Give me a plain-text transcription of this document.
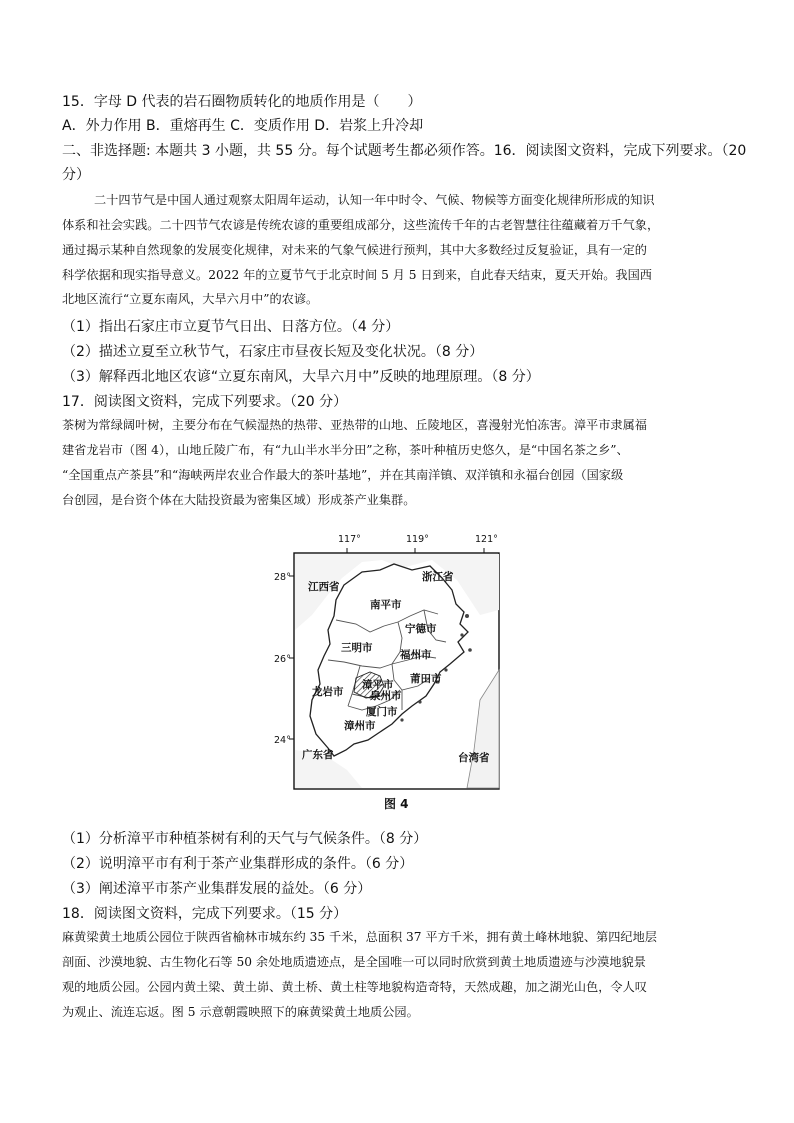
15．字母 D 代表的岩石圈物质转化的地质作用是（　　）
A．外力作用 B．重熔再生 C．变质作用 D．岩浆上升冷却
二、非选择题: 本题共 3 小题，共 55 分。每个试题考生都必须作答。16．阅读图文资料，完成下列要求。（20
分）
二十四节气是中国人通过观察太阳周年运动，认知一年中时令、气候、物候等方面变化规律所形成的知识
体系和社会实践。二十四节气农谚是传统农谚的重要组成部分，这些流传千年的古老智慧往往蕴藏着万千气象，
通过揭示某种自然现象的发展变化规律，对未来的气象气候进行预判，其中大多数经过反复验证，具有一定的
科学依据和现实指导意义。2022 年的立夏节气于北京时间 5 月 5 日到来，自此春天结束，夏天开始。我国西
北地区流行“立夏东南风，大旱六月中”的农谚。
（1）指出石家庄市立夏节气日出、日落方位。（4 分）
（2）描述立夏至立秋节气，石家庄市昼夜长短及变化状况。（8 分）
（3）解释西北地区农谚“立夏东南风，大旱六月中”反映的地理原理。（8 分）
17．阅读图文资料，完成下列要求。（20 分）
茶树为常绿阔叶树，主要分布在气候湿热的热带、亚热带的山地、丘陵地区，喜漫射光怕冻害。漳平市隶属福
建省龙岩市（图 4），山地丘陵广布，有“九山半水半分田”之称，茶叶种植历史悠久，是“中国名茶之乡”、
“全国重点产茶县”和“海峡两岸农业合作最大的茶叶基地”，并在其南洋镇、双洋镇和永福台创园（国家级
台创园，是台资个体在大陆投资最为密集区域）形成茶产业集群。
117°	119°	121°
28°
26°
24°
江西省
浙江省
南平市
宁德市
三明市
福州市
莆田市
漳平市
龙岩市	泉州市
厦门市
漳州市
广东省	台湾省
图 4
（1）分析漳平市种植茶树有利的天气与气候条件。（8 分）
（2）说明漳平市有利于茶产业集群形成的条件。（6 分）
（3）阐述漳平市茶产业集群发展的益处。（6 分）
18．阅读图文资料，完成下列要求。（15 分）
麻黄梁黄土地质公园位于陕西省榆林市城东约 35 千米，总面积 37 平方千米，拥有黄土峰林地貌、第四纪地层
剖面、沙漠地貌、古生物化石等 50 余处地质遗迹点，是全国唯一可以同时欣赏到黄土地质遗迹与沙漠地貌景
观的地质公园。公园内黄土梁、黄土峁、黄土桥、黄土柱等地貌构造奇特，天然成趣，加之湖光山色，令人叹
为观止、流连忘返。图 5 示意朝霞映照下的麻黄梁黄土地质公园。
